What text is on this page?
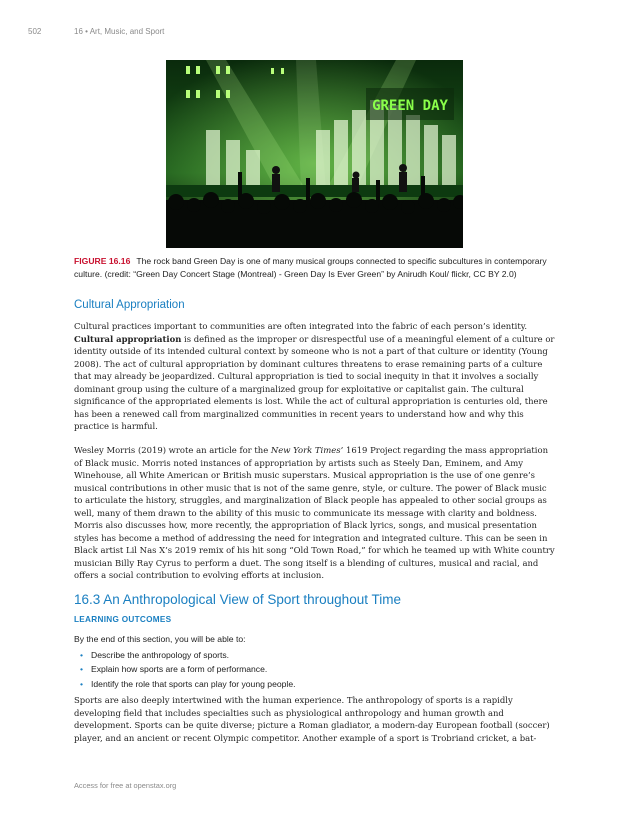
502	16 • Art, Music, and Sport
GREEN DAY
FIGURE 16.16 The rock band Green Day is one of many musical groups connected to specific subcultures in contemporary culture. (credit: “Green Day Concert Stage (Montreal) - Green Day Is Ever Green” by Anirudh Koul/ flickr, CC BY 2.0)
Cultural Appropriation

Cultural practices important to communities are often integrated into the fabric of each person’s identity. Cultural appropriation is defined as the improper or disrespectful use of a meaningful element of a culture or identity outside of its intended cultural context by someone who is not a part of that culture or identity (Young 2008). The act of cultural appropriation by dominant cultures threatens to erase remaining parts of a culture that may already be jeopardized. Cultural appropriation is tied to social inequity in that it involves a socially dominant group using the culture of a marginalized group for exploitative or capitalist gain. The cultural significance of the appropriated elements is lost. While the act of cultural appropriation is centuries old, there has been a renewed call from marginalized communities in recent years to understand how and why this practice is harmful.

Wesley Morris (2019) wrote an article for the New York Times’ 1619 Project regarding the mass appropriation of Black music. Morris noted instances of appropriation by artists such as Steely Dan, Eminem, and Amy Winehouse, all White American or British music superstars. Musical appropriation is the use of one genre’s musical contributions in other music that is not of the same genre, style, or culture. The power of Black music to articulate the history, struggles, and marginalization of Black people has appealed to other social groups as well, many of them drawn to the ability of this music to communicate its message with clarity and boldness. Morris also discusses how, more recently, the appropriation of Black lyrics, songs, and musical presentation styles has become a method of addressing the need for integration and integrated culture. This can be seen in Black artist Lil Nas X’s 2019 remix of his hit song “Old Town Road,” for which he teamed up with White country musician Billy Ray Cyrus to perform a duet. The song itself is a blending of cultures, musical and racial, and offers a social contribution to evolving efforts at inclusion.

16.3 An Anthropological View of Sport throughout Time
LEARNING OUTCOMES
By the end of this section, you will be able to:
• Describe the anthropology of sports.
• Explain how sports are a form of performance.
• Identify the role that sports can play for young people.

Sports are also deeply intertwined with the human experience. The anthropology of sports is a rapidly developing field that includes specialties such as physiological anthropology and human growth and development. Sports can be quite diverse; picture a Roman gladiator, a modern-day European football (soccer) player, and an ancient or recent Olympic competitor. Another example of a sport is Trobriand cricket, a bat-

Access for free at openstax.org
